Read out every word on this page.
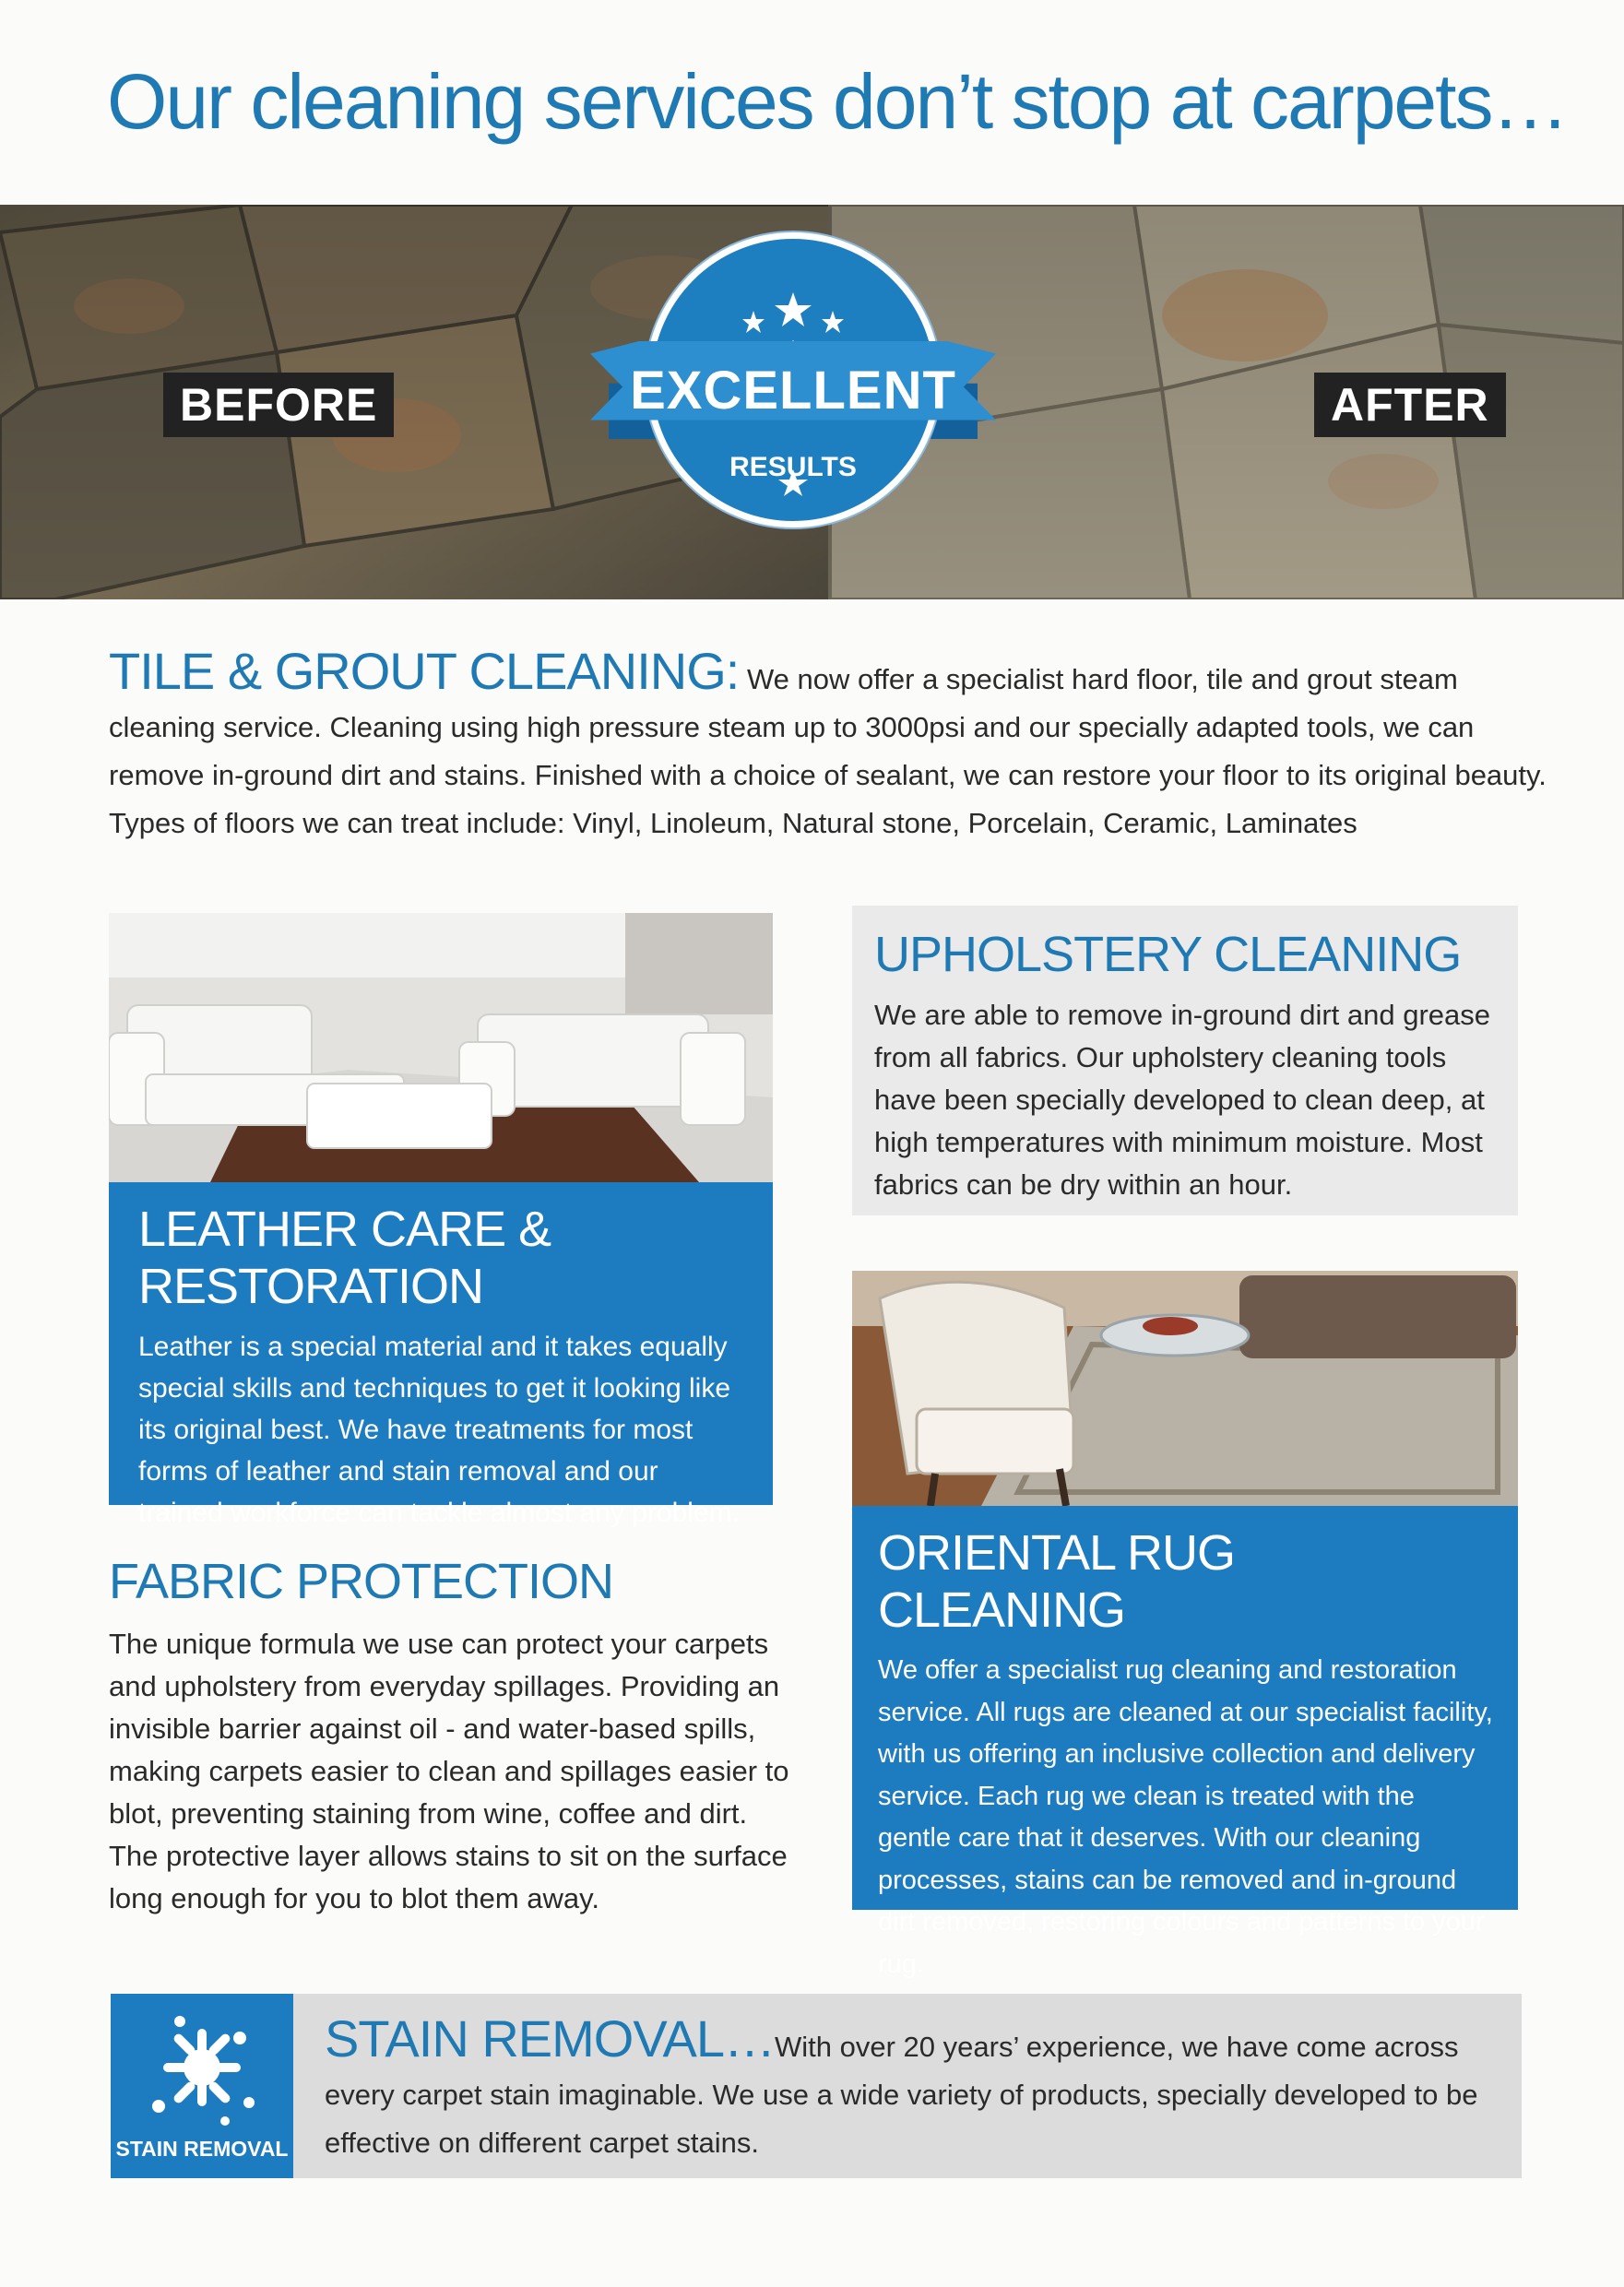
Our cleaning services don’t stop at carpets…
BEFORE	AFTER
EXCELLENT
RESULTS
TILE & GROUT CLEANING: We now offer a specialist hard floor, tile and grout steam cleaning service. Cleaning using high pressure steam up to 3000psi and our specially adapted tools, we can remove in-ground dirt and stains. Finished with a choice of sealant, we can restore your floor to its original beauty. Types of floors we can treat include: Vinyl, Linoleum, Natural stone, Porcelain, Ceramic, Laminates
LEATHER CARE & RESTORATION
Leather is a special material and it takes equally special skills and techniques to get it looking like its original best. We have treatments for most forms of leather and stain removal and our trained workforce can tackle almost any problem.
FABRIC PROTECTION
The unique formula we use can protect your carpets and upholstery from everyday spillages. Providing an invisible barrier against oil - and water-based spills, making carpets easier to clean and spillages easier to blot, preventing staining from wine, coffee and dirt. The protective layer allows stains to sit on the surface long enough for you to blot them away.
UPHOLSTERY CLEANING
We are able to remove in-ground dirt and grease from all fabrics. Our upholstery cleaning tools have been specially developed to clean deep, at high temperatures with minimum moisture. Most fabrics can be dry within an hour.
ORIENTAL RUG CLEANING
We offer a specialist rug cleaning and restoration service. All rugs are cleaned at our specialist facility, with us offering an inclusive collection and delivery service. Each rug we clean is treated with the gentle care that it deserves. With our cleaning processes, stains can be removed and in-ground dirt removed, restoring colours and patterns to your rug.
STAIN REMOVAL
STAIN REMOVAL…With over 20 years’ experience, we have come across every carpet stain imaginable. We use a wide variety of products, specially developed to be effective on different carpet stains.
